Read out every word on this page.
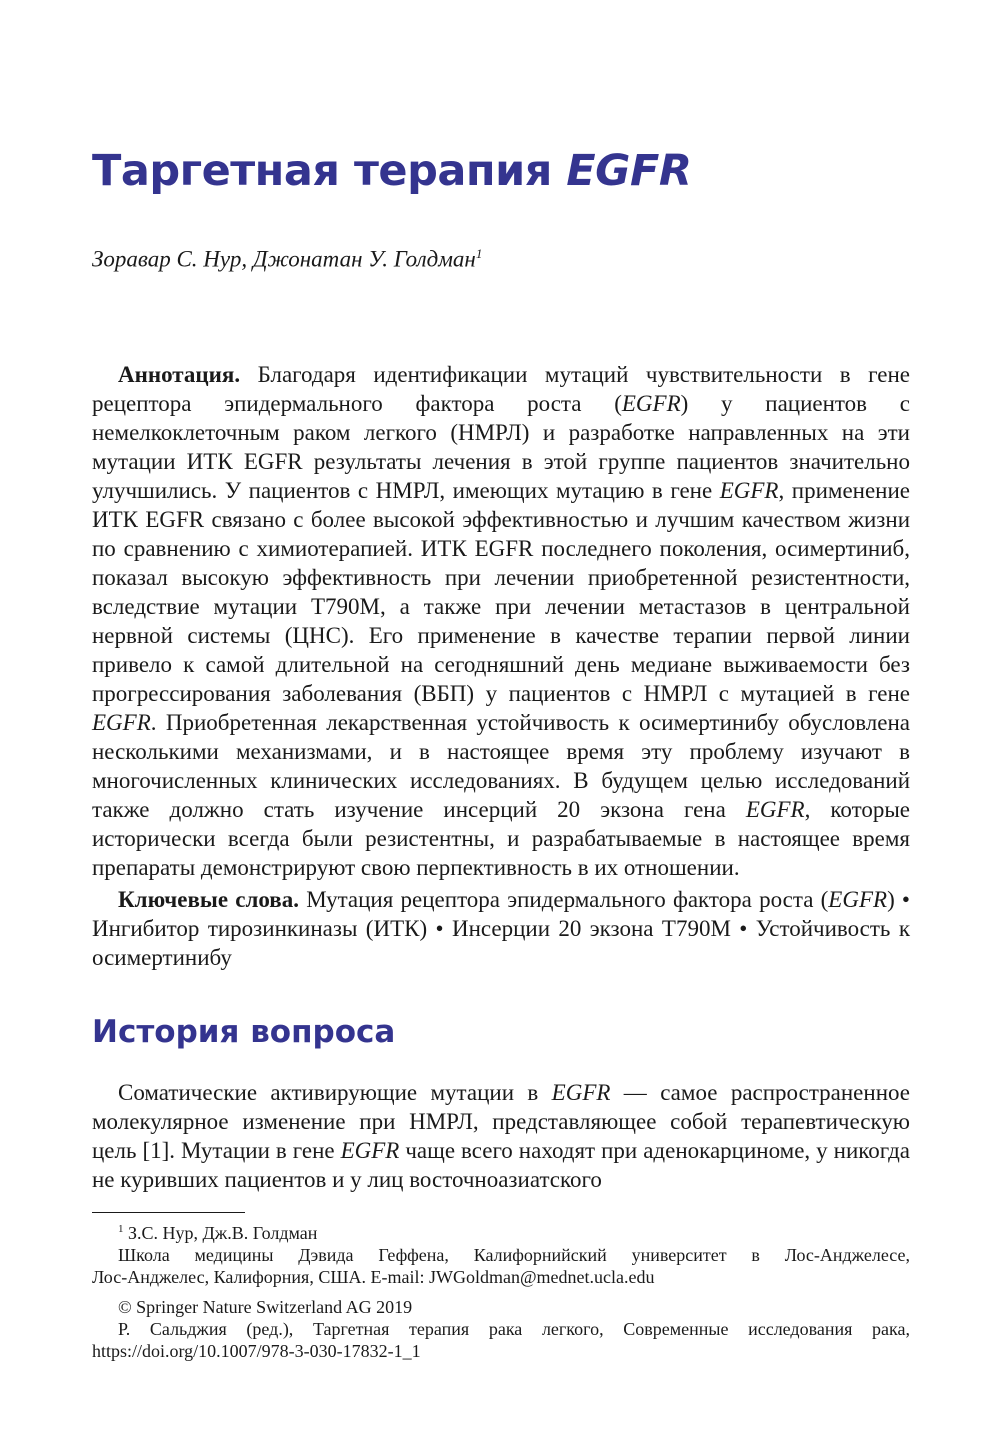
Таргетная терапия EGFR
Зоравар С. Нур, Джонатан У. Голдман$^1$
Аннотация. Благодаря идентификации мутаций чувствительности в гене рецептора эпидермального фактора роста (EGFR) у пациентов с немелкоклеточным раком легкого (НМРЛ) и разработке направленных на эти мутации ИТК EGFR результаты лечения в этой группе пациентов значительно улучшились. У пациентов с НМРЛ, имеющих мутацию в гене EGFR, применение ИТК EGFR связано с более высокой эффективностью и лучшим качеством жизни по сравнению с химиотерапией. ИТК EGFR последнего поколения, осимертиниб, показал высокую эффективность при лечении приобретенной резистентности, вследствие мутации T790M, а также при лечении метастазов в центральной нервной системы (ЦНС). Его применение в качестве терапии первой линии привело к самой длительной на сегодняшний день медиане выживаемости без прогрессирования заболевания (ВБП) у пациентов с НМРЛ с мутацией в гене EGFR. Приобретенная лекарственная устойчивость к осимертинибу обусловлена несколькими механизмами, и в настоящее время эту проблему изучают в многочисленных клинических исследованиях. В будущем целью исследований также должно стать изучение инсерций 20 экзона гена EGFR, которые исторически всегда были резистентны, и разрабатываемые в настоящее время препараты демонстрируют свою перпективность в их отношении.
Ключевые слова. Мутация рецептора эпидермального фактора роста (EGFR) • Ингибитор тирозинкиназы (ИТК) • Инсерции 20 экзона T790M • Устойчивость к осимертинибу
История вопроса
Соматические активирующие мутации в EGFR — самое распространенное молекулярное изменение при НМРЛ, представляющее собой терапевтическую цель [1]. Мутации в гене EGFR чаще всего находят при аденокарциноме, у никогда не куривших пациентов и у лиц восточноазиатского

$^1$ З.С. Нур, Дж.В. Голдман

Школа медицины Дэвида Геффена, Калифорнийский университет в Лос-Анджелесе,

Лос-Анджелес, Калифорния, США. E-mail: JWGoldman@mednet.ucla.edu

© Springer Nature Switzerland AG 2019

Р. Сальджия (ред.), Таргетная терапия рака легкого, Современные исследования рака,

https://doi.org/10.1007/978-3-030-17832-1_1
